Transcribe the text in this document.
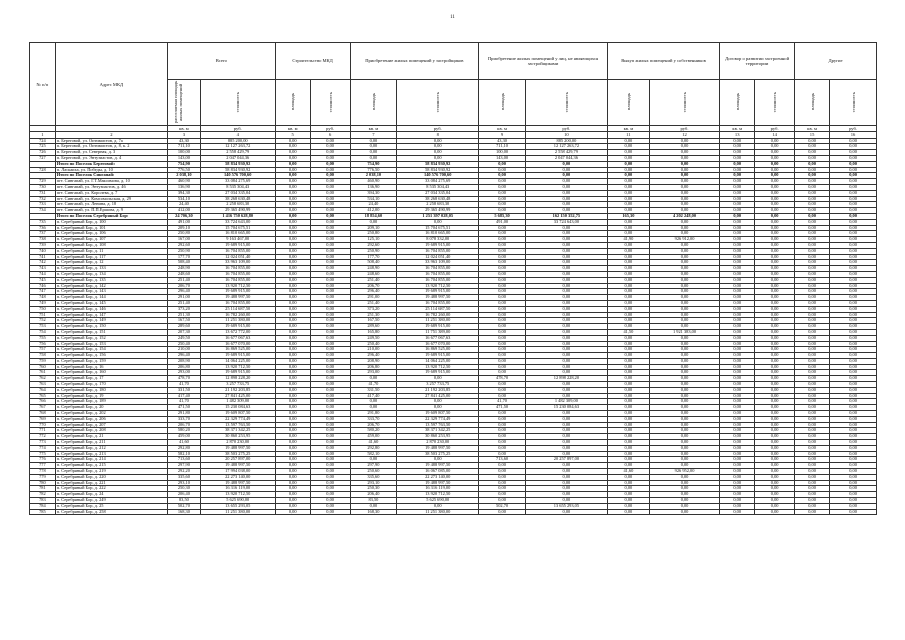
11
№ п/п	Адрес МКД	Всего		Строительство МКД		Приобретение жилых помещений у застройщиков		Приобретение жилых помещений у лиц, не являющихся застройщиками		Выкуп жилых помещений у собственников		Договор о развитии застроенной территории		Другие	
		расселяемая площадь жилых помещений	стоимость	площадь	стоимость	площадь	стоимость	площадь	стоимость	площадь	стоимость	площадь	стоимость	площадь	стоимость
		кв. м	руб.	кв. м	руб.	кв. м	руб.	кв. м	руб.	кв. м	руб.	кв. м	руб.	кв. м	руб.
1	2	3	4	5	6	7	8	9	10	11	12	13	14	15	16
724	п. Береговой, ул. Оптимистов, д. 7а	43,30	885 200,00	0,00	0,00	0,00	0,00	43,30	885 200,00	0,00	0,00	0,00	0,00	0,00	0,00
725	п. Береговой, ул. Оптимистов, д. 8, к. 2	711,10	12 127 263,72	0,00	0,00	0,00	0,00	711,10	12 127 263,72	0,00	0,00	0,00	0,00	0,00	0,00
726	п. Береговой, ул. Северная, д. 3	100,00	2 558 429,79	0,00	0,00	0,00	0,00	100,00	2 558 429,79	0,00	0,00	0,00	0,00	0,00	0,00
727	п. Береговой, ул. Энтузиастов, д. 4	143,00	2 047 044,36	0,00	0,00	0,00	0,00	143,00	2 047 044,36	0,00	0,00	0,00	0,00	0,00	0,00
	Итого по Поселок Береговой:	754,90	58 834 930,92	0,00	0,00	754,90	58 834 930,92	0,00	0,00	0,00	0,00	0,00	0,00	0,00	0,00
728	п. Ласкаиха, ул. Победы, д. 10	776,50	58 834 930,92	0,00	0,00	776,50	58 834 930,92	0,00	0,00	0,00	0,00	0,00	0,00	0,00	0,00
	Итого по Поселок Сингапай:	2 038,10	140 576 700,60	0,00	0,00	2 038,10	140 576 700,60	0,00	0,00	0,00	0,00	0,00	0,00	0,00	0,00
729	пгт. Сингапай, ул. Г.Т.Максимова, д. 10	460,90	33 084 275,69	0,00	0,00	460,90	33 084 275,69	0,00	0,00	0,00	0,00	0,00	0,00	0,00	0,00
730	пгт. Сингапай, ул. Энтузиастов, д. 46	136,90	8 535 304,43	0,00	0,00	136,90	8 535 304,43	0,00	0,00	0,00	0,00	0,00	0,00	0,00	0,00
731	пгт. Сингапай, ул. Королева, д. 7	394,30	27 034 335,04	0,00	0,00	394,30	27 034 335,04	0,00	0,00	0,00	0,00	0,00	0,00	0,00	0,00
732	пгт. Сингапай, ул. Комсомольская, д. 29	534,10	38 268 630,48	0,00	0,00	534,10	38 268 630,48	0,00	0,00	0,00	0,00	0,00	0,00	0,00	0,00
733	пгт. Сингапай, ул. Ленина, д. 18	24,40	2 258 683,30	0,00	0,00	24,40	2 258 683,30	0,00	0,00	0,00	0,00	0,00	0,00	0,00	0,00
734	пгт. Сингапай, ул. П.П.Ершова, д. 9	412,00	29 365 490,99	0,00	0,00	412,00	29 365 490,99	0,00	0,00	0,00	0,00	0,00	0,00	0,00	0,00
	Итого по Поселок Серебряный Бор:	24 706,30	1 416 750 628,80	0,00	0,00	18 854,60	1 251 397 028,05	5 685,30	162 150 352,75	165,30	4 202 248,00	0,00	0,00	0,00	0,00
735	п. Серебряный Бор, д. 100	491,00	33 724 643,00	0,00	0,00	0,00	0,00	491,00	33 724 643,00	0,00	0,00	0,00	0,00	0,00	0,00
736	п. Серебряный Бор, д. 101	209,10	15 704 675,51	0,00	0,00	209,10	15 704 675,51	0,00	0,00	0,00	0,00	0,00	0,00	0,00	0,00
737	п. Серебряный Бор, д. 106	250,80	16 810 665,00	0,00	0,00	250,80	16 810 665,00	0,00	0,00	0,00	0,00	0,00	0,00	0,00	0,00
738	п. Серебряный Бор, д. 107	167,00	9 163 467,00	0,00	0,00	125,10	8 078 332,00	0,00	0,00	41,90	926 912,00	0,00	0,00	0,00	0,00
739	п. Серебряный Бор, д. 108	292,60	19 689 915,00	0,00	0,00	292,60	19 689 915,00	0,00	0,00	0,00	0,00	0,00	0,00	0,00	0,00
740	п. Серебряный Бор, д. 11	250,90	16 704 855,00	0,00	0,00	250,90	16 704 855,00	0,00	0,00	0,00	0,00	0,00	0,00	0,00	0,00
741	п. Серебряный Бор, д. 117	177,70	12 024 051,40	0,00	0,00	177,70	12 024 051,40	0,00	0,00	0,00	0,00	0,00	0,00	0,00	0,00
742	п. Серебряный Бор, д. 12	508,40	33 963 109,00	0,00	0,00	508,40	33 963 109,00	0,00	0,00	0,00	0,00	0,00	0,00	0,00	0,00
743	п. Серебряный Бор, д. 133	248,90	16 704 855,00	0,00	0,00	248,90	16 704 855,00	0,00	0,00	0,00	0,00	0,00	0,00	0,00	0,00
744	п. Серебряный Бор, д. 134	248,60	16 704 855,00	0,00	0,00	248,60	16 704 855,00	0,00	0,00	0,00	0,00	0,00	0,00	0,00	0,00
745	п. Серебряный Бор, д. 135	251,40	16 704 855,00	0,00	0,00	251,40	16 704 855,00	0,00	0,00	0,00	0,00	0,00	0,00	0,00	0,00
746	п. Серебряный Бор, д. 142	206,70	13 920 712,50	0,00	0,00	206,70	13 920 712,50	0,00	0,00	0,00	0,00	0,00	0,00	0,00	0,00
747	п. Серебряный Бор, д. 143	296,40	19 689 915,00	0,00	0,00	296,40	19 689 915,00	0,00	0,00	0,00	0,00	0,00	0,00	0,00	0,00
748	п. Серебряный Бор, д. 144	291,00	19 488 997,50	0,00	0,00	291,00	19 488 997,50	0,00	0,00	0,00	0,00	0,00	0,00	0,00	0,00
749	п. Серебряный Бор, д. 145	251,40	16 704 855,00	0,00	0,00	251,40	16 704 855,00	0,00	0,00	0,00	0,00	0,00	0,00	0,00	0,00
750	п. Серебряный Бор, д. 146	373,20	25 114 687,50	0,00	0,00	373,20	25 114 687,50	0,00	0,00	0,00	0,00	0,00	0,00	0,00	0,00
751	п. Серебряный Бор, д. 147	251,30	16 782 260,00	0,00	0,00	251,30	16 782 260,00	0,00	0,00	0,00	0,00	0,00	0,00	0,00	0,00
752	п. Серебряный Бор, д. 149	167,50	11 251 380,00	0,00	0,00	167,50	11 251 380,00	0,00	0,00	0,00	0,00	0,00	0,00	0,00	0,00
753	п. Серебряный Бор, д. 150	289,60	19 689 915,00	0,00	0,00	289,60	19 689 915,00	0,00	0,00	0,00	0,00	0,00	0,00	0,00	0,00
754	п. Серебряный Бор, д. 151	207,30	13 672 772,00	0,00	0,00	165,80	11 751 389,00	0,00	0,00	41,50	1 921 383,00	0,00	0,00	0,00	0,00
755	п. Серебряный Бор, д. 152	249,50	16 677 067,63	0,00	0,00	249,50	16 677 067,63	0,00	0,00	0,00	0,00	0,00	0,00	0,00	0,00
756	п. Серебряный Бор, д. 153	250,40	16 677 070,00	0,00	0,00	250,40	16 677 070,00	0,00	0,00	0,00	0,00	0,00	0,00	0,00	0,00
757	п. Серебряный Бор, д. 154	210,00	16 869 525,00	0,00	0,00	210,00	16 869 525,00	0,00	0,00	0,00	0,00	0,00	0,00	0,00	0,00
758	п. Серебряный Бор, д. 156	296,40	19 689 915,00	0,00	0,00	296,40	19 689 915,00	0,00	0,00	0,00	0,00	0,00	0,00	0,00	0,00
759	п. Серебряный Бор, д. 159	208,90	14 064 225,00	0,00	0,00	208,90	14 064 225,00	0,00	0,00	0,00	0,00	0,00	0,00	0,00	0,00
760	п. Серебряный Бор, д. 16	206,80	13 920 712,50	0,00	0,00	206,80	13 920 712,50	0,00	0,00	0,00	0,00	0,00	0,00	0,00	0,00
761	п. Серебряный Бор, д. 160	293,00	19 689 915,00	0,00	0,00	293,00	19 689 915,00	0,00	0,00	0,00	0,00	0,00	0,00	0,00	0,00
762	п. Серебряный Бор, д. 17	478,70	12 898 228,20	0,00	0,00	0,00	0,00	478,70	12 898 228,20	0,00	0,00	0,00	0,00	0,00	0,00
763	п. Серебряный Бор, д. 170	41,70	3 257 733,75	0,00	0,00	41,70	3 257 733,75	0,00	0,00	0,00	0,00	0,00	0,00	0,00	0,00
764	п. Серебряный Бор, д. 180	331,50	21 192 203,85	0,00	0,00	331,50	21 192 203,85	0,00	0,00	0,00	0,00	0,00	0,00	0,00	0,00
765	п. Серебряный Бор, д. 19	417,40	27 841 425,00	0,00	0,00	417,40	27 841 425,00	0,00	0,00	0,00	0,00	0,00	0,00	0,00	0,00
766	п. Серебряный Бор, д. 189	41,70	1 482 309,00	0,00	0,00	0,00	0,00	41,70	1 482 309,00	0,00	0,00	0,00	0,00	0,00	0,00
767	п. Серебряный Бор, д. 20	471,50	15 230 084,63	0,00	0,00	0,00	0,00	471,50	15 230 084,63	0,00	0,00	0,00	0,00	0,00	0,00
768	п. Серебряный Бор, д. 202	291,80	19 609 807,50	0,00	0,00	291,80	19 609 807,50	0,00	0,00	0,00	0,00	0,00	0,00	0,00	0,00
769	п. Серебряный Бор, д. 206	333,70	22 329 774,49	0,00	0,00	333,70	22 329 774,49	0,00	0,00	0,00	0,00	0,00	0,00	0,00	0,00
770	п. Серебряный Бор, д. 207	206,70	13 597 763,50	0,00	0,00	206,70	13 597 763,50	0,00	0,00	0,00	0,00	0,00	0,00	0,00	0,00
771	п. Серебряный Бор, д. 208	580,20	38 371 342,25	0,00	0,00	580,20	38 371 342,25	0,00	0,00	0,00	0,00	0,00	0,00	0,00	0,00
772	п. Серебряный Бор, д. 21	459,00	30 860 253,95	0,00	0,00	459,00	30 860 253,95	0,00	0,00	0,00	0,00	0,00	0,00	0,00	0,00
773	п. Серебряный Бор, д. 211	41,60	2 870 230,00	0,00	0,00	41,60	2 870 230,00	0,00	0,00	0,00	0,00	0,00	0,00	0,00	0,00
774	п. Серебряный Бор, д. 212	292,80	19 488 997,50	0,00	0,00	292,80	19 488 997,50	0,00	0,00	0,00	0,00	0,00	0,00	0,00	0,00
775	п. Серебряный Бор, д. 213	582,10	38 503 275,25	0,00	0,00	582,10	38 503 275,25	0,00	0,00	0,00	0,00	0,00	0,00	0,00	0,00
776	п. Серебряный Бор, д. 214	713,60	20 257 897,00	0,00	0,00	0,00	0,00	713,60	20 257 897,00	0,00	0,00	0,00	0,00	0,00	0,00
777	п. Серебряный Бор, д. 215	297,90	19 488 997,50	0,00	0,00	297,90	19 488 997,50	0,00	0,00	0,00	0,00	0,00	0,00	0,00	0,00
778	п. Серебряный Бор, д. 219	292,20	17 994 038,00	0,00	0,00	250,60	16 067 085,00	0,00	0,00	41,60	926 952,00	0,00	0,00	0,00	0,00
779	п. Серебряный Бор, д. 220	335,60	22 273 140,00	0,00	0,00	335,60	22 273 140,00	0,00	0,00	0,00	0,00	0,00	0,00	0,00	0,00
780	п. Серебряный Бор, д. 221	293,10	19 488 997,50	0,00	0,00	293,10	19 488 997,50	0,00	0,00	0,00	0,00	0,00	0,00	0,00	0,00
781	п. Серебряный Бор, д. 222	250,30	16 316 119,00	0,00	0,00	250,30	16 316 119,00	0,00	0,00	0,00	0,00	0,00	0,00	0,00	0,00
782	п. Серебряный Бор, д. 24	206,40	13 920 712,50	0,00	0,00	206,40	13 920 712,50	0,00	0,00	0,00	0,00	0,00	0,00	0,00	0,00
783	п. Серебряный Бор, д. 249	83,50	5 625 690,00	0,00	0,00	83,50	5 625 690,00	0,00	0,00	0,00	0,00	0,00	0,00	0,00	0,00
784	п. Серебряный Бор, д. 25	502,70	13 655 293,05	0,00	0,00	0,00	0,00	502,70	13 655 293,05	0,00	0,00	0,00	0,00	0,00	0,00
785	п. Серебряный Бор, д. 258	168,30	11 251 380,00	0,00	0,00	168,30	11 251 380,00	0,00	0,00	0,00	0,00	0,00	0,00	0,00	0,00
